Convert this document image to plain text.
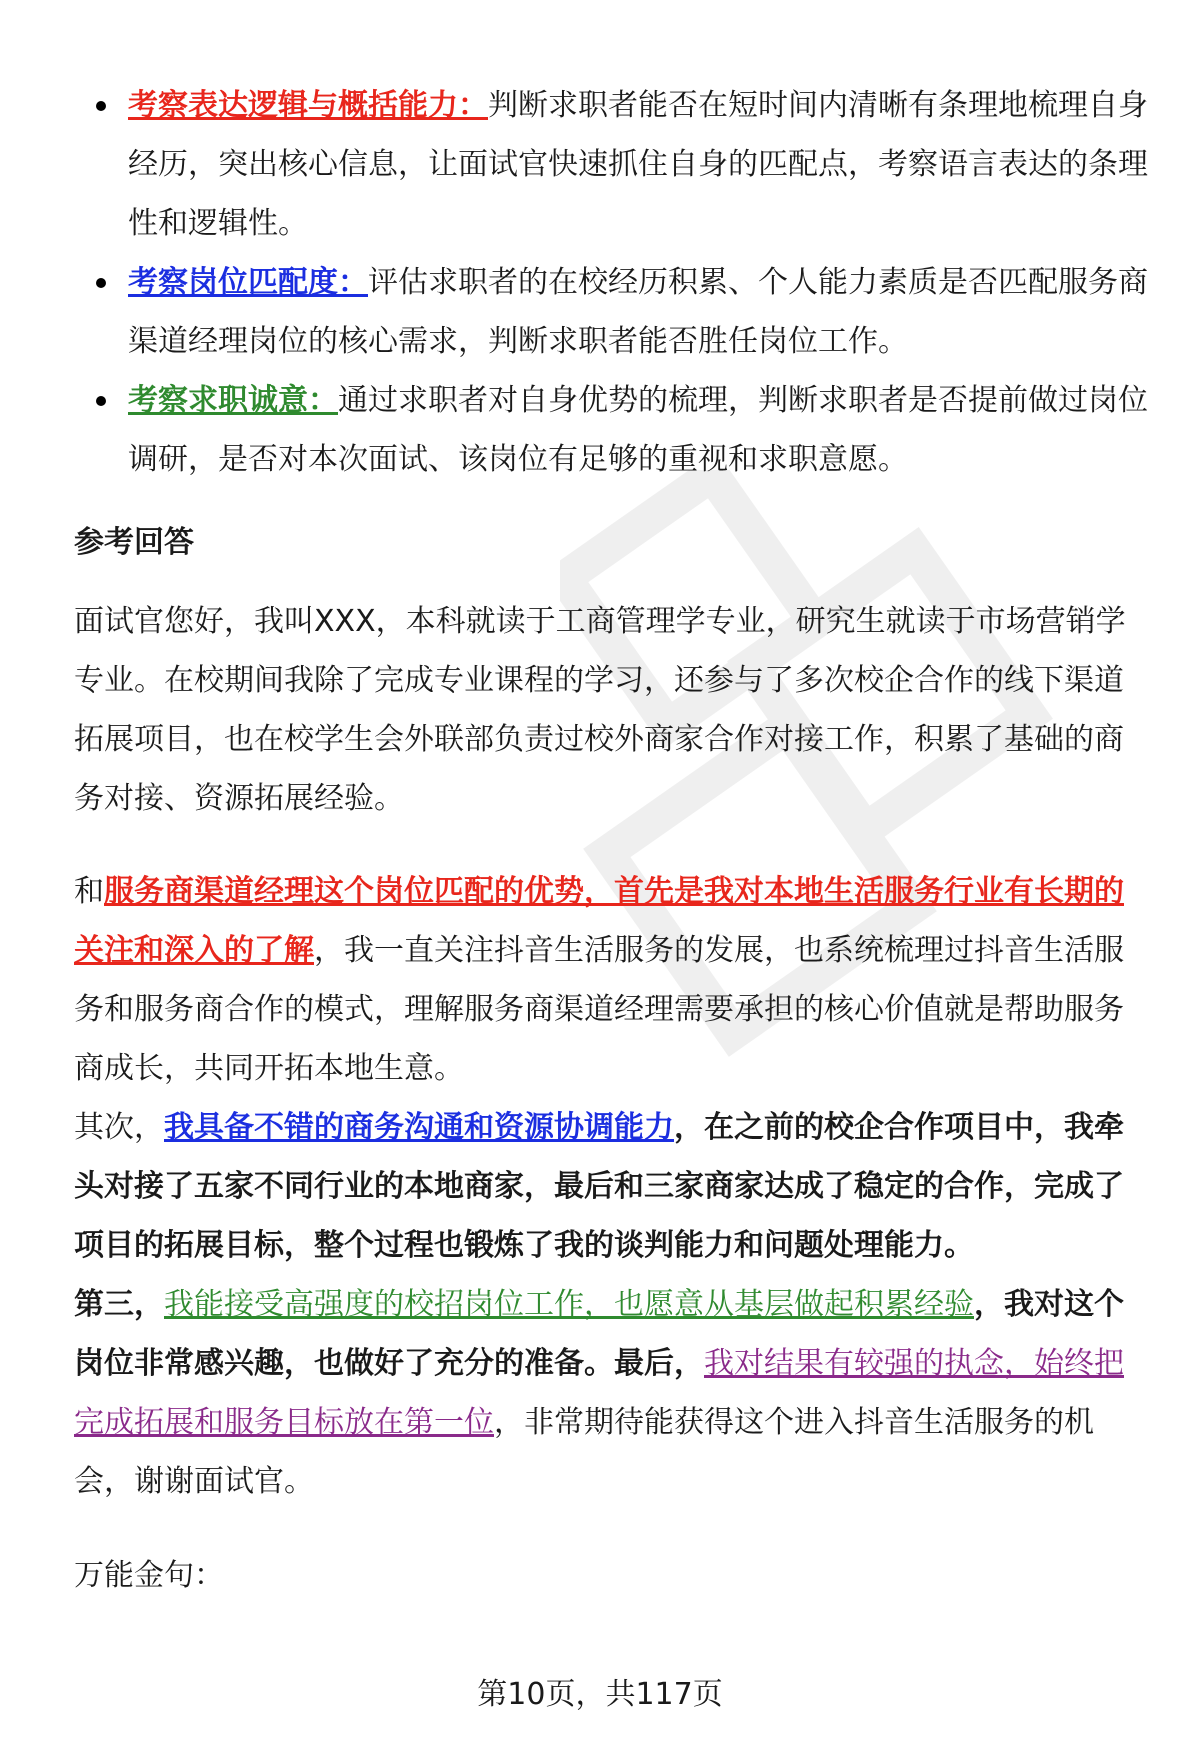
考察表达逻辑与概括能力：判断求职者能否在短时间内清晰有条理地梳理自身经历，突出核心信息，让面试官快速抓住自身的匹配点，考察语言表达的条理性和逻辑性。
考察岗位匹配度：评估求职者的在校经历积累、个人能力素质是否匹配服务商渠道经理岗位的核心需求，判断求职者能否胜任岗位工作。
考察求职诚意：通过求职者对自身优势的梳理，判断求职者是否提前做过岗位调研，是否对本次面试、该岗位有足够的重视和求职意愿。
参考回答
面试官您好，我叫XXX，本科就读于工商管理学专业，研究生就读于市场营销学专业。在校期间我除了完成专业课程的学习，还参与了多次校企合作的线下渠道拓展项目，也在校学生会外联部负责过校外商家合作对接工作，积累了基础的商务对接、资源拓展经验。
和服务商渠道经理这个岗位匹配的优势，首先是我对本地生活服务行业有长期的关注和深入的了解，我一直关注抖音生活服务的发展，也系统梳理过抖音生活服务和服务商合作的模式，理解服务商渠道经理需要承担的核心价值就是帮助服务商成长，共同开拓本地生意。
其次，我具备不错的商务沟通和资源协调能力，在之前的校企合作项目中，我牵头对接了五家不同行业的本地商家，最后和三家商家达成了稳定的合作，完成了项目的拓展目标，整个过程也锻炼了我的谈判能力和问题处理能力。
第三，我能接受高强度的校招岗位工作，也愿意从基层做起积累经验，我对这个岗位非常感兴趣，也做好了充分的准备。最后，我对结果有较强的执念，始终把完成拓展和服务目标放在第一位，非常期待能获得这个进入抖音生活服务的机会，谢谢面试官。
万能金句：
第10页，共117页
